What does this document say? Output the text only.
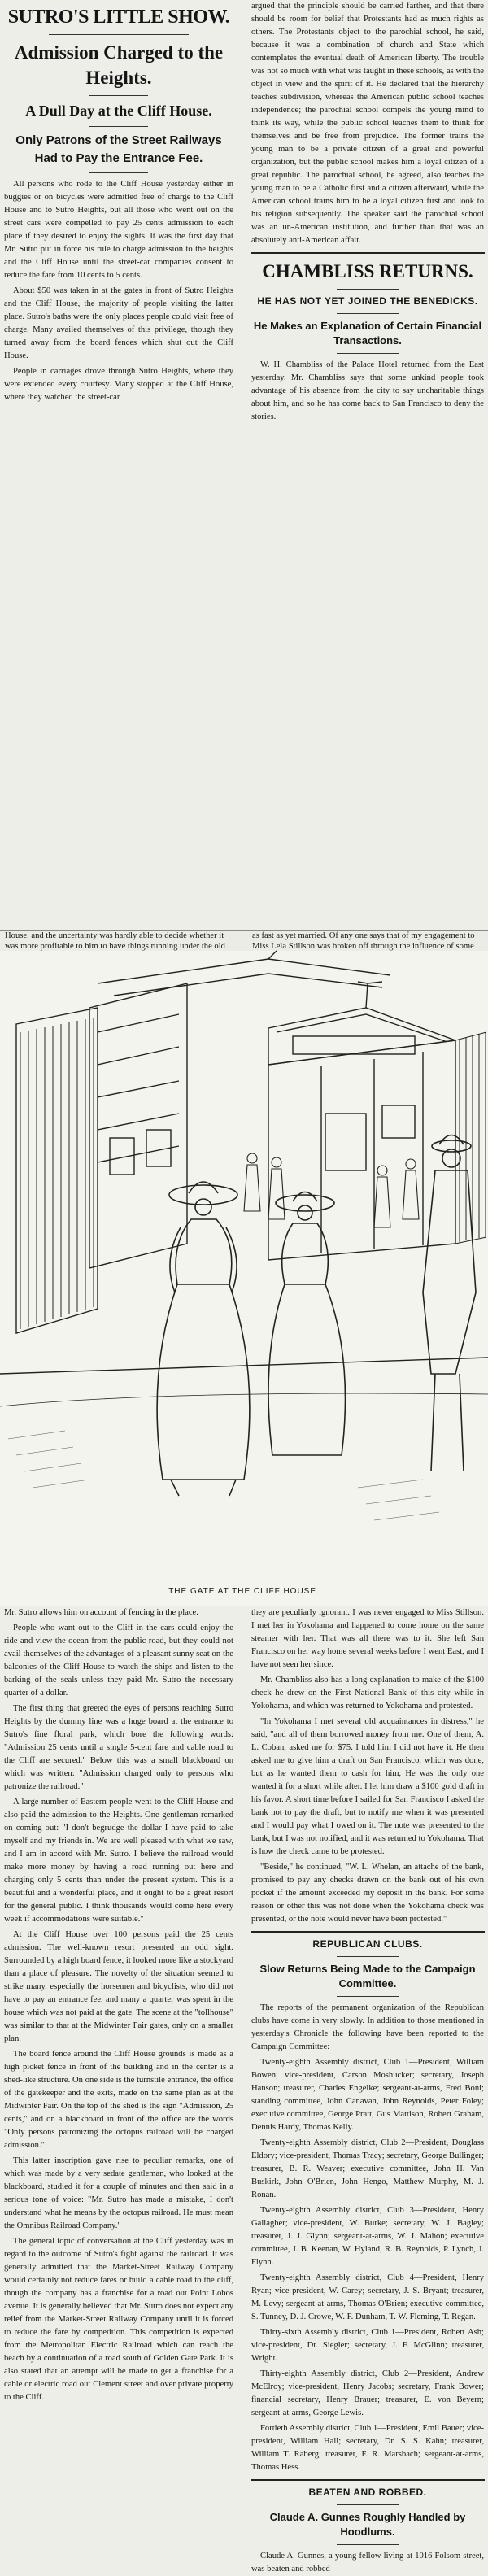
SUTRO'S LITTLE SHOW.
Admission Charged to the Heights.
A Dull Day at the Cliff House.
Only Patrons of the Street Railways Had to Pay the Entrance Fee.

All persons who rode to the Cliff House yesterday either in buggies or on bicycles were admitted free of charge to the Cliff House and to Sutro Heights, but all those who went out on the street cars were compelled to pay 25 cents admission to each place if they desired to enjoy the sights. It was the first day that Mr. Sutro put in force his rule to charge admission to the heights and the Cliff House until the street-car companies consent to reduce the fare from 10 cents to 5 cents.

About $50 was taken in at the gates in front of Sutro Heights and the Cliff House, the majority of people visiting the latter place. Sutro's baths were the only places people could visit free of charge. Many availed themselves of this privilege, though they turned away from the board fences which shut out the Cliff House.

People in carriages drove through Sutro Heights, where they were extended every courtesy. Many stopped at the Cliff House, where they watched the street-car

argued that the principle should be carried farther, and that there should be room for belief that Protestants had as much rights as others. The Protestants object to the parochial school, he said, because it was a combination of church and State which contemplates the eventual death of American liberty. The trouble was not so much with what was taught in these schools, as with the object in view and the spirit of it. He declared that the hierarchy teaches subdivision, whereas the American public school teaches independence; the parochial school compels the young mind to think its way, while the public school teaches them to think for themselves and be free from prejudice. The former trains the young man to be a private citizen of a great and powerful organization, but the public school makes him a loyal citizen of a great republic. The parochial school, he agreed, also teaches the young man to be a Catholic first and a citizen afterward, while the American school trains him to be a loyal citizen first and look to his religion subsequently. The speaker said the parochial school was an un-American institution, and further than that was an absolutely anti-American affair.

CHAMBLISS RETURNS.
HE HAS NOT YET JOINED THE BENEDICKS.
He Makes an Explanation of Certain Financial Transactions.

W. H. Chambliss of the Palace Hotel returned from the East yesterday. Mr. Chambliss says that some unkind people took advantage of his absence from the city to say uncharitable things about him, and so he has come back to San Francisco to deny the stories.

House, and the uncertainty was hardly able to decide whether it was more profitable to him to have things running under the old
as fast as yet married. Of any one says that of my engagement to Miss Lela Stillson was broken off through the influence of some
THE GATE AT THE CLIFF HOUSE.

Mr. Sutro allows him on account of fencing in the place.

People who want out to the Cliff in the cars could enjoy the ride and view the ocean from the public road, but they could not avail themselves of the advantages of a pleasant sunny seat on the balconies of the Cliff House to watch the ships and listen to the barking of the seals unless they paid Mr. Sutro the necessary quarter of a dollar.

The first thing that greeted the eyes of persons reaching Sutro Heights by the dummy line was a huge board at the entrance to Sutro's fine floral park, which bore the following words: "Admission 25 cents until a single 5-cent fare and cable road to the Cliff are secured." Below this was a small blackboard on which was written: "Admission charged only to persons who patronize the railroad."

A large number of Eastern people went to the Cliff House and also paid the admission to the Heights. One gentleman remarked on coming out: "I don't begrudge the dollar I have paid to take myself and my friends in. We are well pleased with what we saw, and I am in accord with Mr. Sutro. I believe the railroad would make more money by having a road running out here and charging only 5 cents than under the present system. This is a beautiful and a wonderful place, and it ought to be a great resort for the general public. I think thousands would come here every week if accommodations were suitable."

At the Cliff House over 100 persons paid the 25 cents admission. The well-known resort presented an odd sight. Surrounded by a high board fence, it looked more like a stockyard than a place of pleasure. The novelty of the situation seemed to strike many, especially the horsemen and bicyclists, who did not have to pay an entrance fee, and many a quarter was spent in the house which was not paid at the gate. The scene at the "tollhouse" was similar to that at the Midwinter Fair gates, only on a smaller plan.

The board fence around the Cliff House grounds is made as a high picket fence in front of the building and in the center is a shed-like structure. On one side is the turnstile entrance, the office of the gatekeeper and the exits, made on the same plan as at the Midwinter Fair. On the top of the shed is the sign "Admission, 25 cents," and on a blackboard in front of the office are the words "Only persons patronizing the octopus railroad will be charged admission."

This latter inscription gave rise to peculiar remarks, one of which was made by a very sedate gentleman, who looked at the blackboard, studied it for a couple of minutes and then said in a serious tone of voice: "Mr. Sutro has made a mistake, I don't understand what he means by the octopus railroad. He must mean the Omnibus Railroad Company."

The general topic of conversation at the Cliff yesterday was in regard to the outcome of Sutro's fight against the railroad. It was generally admitted that the Market-Street Railway Company would certainly not reduce fares or build a cable road to the cliff, though the company has a franchise for a road out Point Lobos avenue. It is generally believed that Mr. Sutro does not expect any relief from the Market-Street Railway Company until it is forced to reduce the fare by competition. This competition is expected from the Metropolitan Electric Railroad which can reach the beach by a continuation of a road south of Golden Gate Park. It is also stated that an attempt will be made to get a franchise for a cable or electric road out Clement street and over private property to the Cliff.

they are peculiarly ignorant. I was never engaged to Miss Stillson. I met her in Yokohama and happened to come home on the same steamer with her. That was all there was to it. She left San Francisco on her way home several weeks before I went East, and I have not seen her since.

Mr. Chambliss also has a long explanation to make of the $100 check he drew on the First National Bank of this city while in Yokohama, and which was returned to Yokohama and protested.

"In Yokohama I met several old acquaintances in distress," he said, "and all of them borrowed money from me. One of them, A. L. Coban, asked me for $75. I told him I did not have it. He then asked me to give him a draft on San Francisco, which was done, but as he wanted them to cash for him, He was the only one wanted it for a short while after. I let him draw a $100 gold draft in his favor. A short time before I sailed for San Francisco I asked the bank not to pay the draft, but to notify me when it was presented and I would pay what I owed on it. The note was presented to the bank, but I was not notified, and it was returned to Yokohama. That is how the check came to be protested.

"Beside," he continued, "W. L. Whelan, an attache of the bank, promised to pay any checks drawn on the bank out of his own pocket if the amount exceeded my deposit in the bank. For some reason or other this was not done when the Yokohama check was presented, or the note would never have been protested."

REPUBLICAN CLUBS.
Slow Returns Being Made to the Campaign Committee.

The reports of the permanent organization of the Republican clubs have come in very slowly. In addition to those mentioned in yesterday's Chronicle the following have been reported to the Campaign Committee:

Twenty-eighth Assembly district, Club 1—President, William Bowen; vice-president, Carson Moshucker; secretary, Joseph Hanson; treasurer, Charles Engelke; sergeant-at-arms, Fred Boni; standing committee, John Canavan, John Reynolds, Peter Foley; executive committee, George Pratt, Gus Mattison, Robert Graham, Dennis Hardy, Thomas Kelly.

Twenty-eighth Assembly district, Club 2—President, Douglass Eldory; vice-president, Thomas Tracy; secretary, George Bullinger; treasurer, B. R. Weaver; executive committee, John H. Van Buskirk, John O'Brien, John Hengo, Matthew Murphy, M. J. Ronan.

Twenty-eighth Assembly district, Club 3—President, Henry Gallagher; vice-president, W. Burke; secretary, W. J. Bagley; treasurer, J. J. Glynn; sergeant-at-arms, W. J. Mahon; executive committee, J. B. Keenan, W. Hyland, R. B. Reynolds, P. Lynch, J. Flynn.

Twenty-eighth Assembly district, Club 4—President, Henry Ryan; vice-president, W. Carey; secretary, J. S. Bryant; treasurer, M. Levy; sergeant-at-arms, Thomas O'Brien; executive committee, S. Tunney, D. J. Crowe, W. F. Dunham, T. W. Fleming, T. Regan.

Thirty-sixth Assembly district, Club 1—President, Robert Ash; vice-president, Dr. Siegler; secretary, J. F. McGlinn; treasurer, Wright.

Thirty-eighth Assembly district, Club 2—President, Andrew McElroy; vice-president, Henry Jacobs; secretary, Frank Bower; financial secretary, Henry Brauer; treasurer, E. von Beyern; sergeant-at-arms, George Lewis.

Fortieth Assembly district, Club 1—President, Emil Bauer; vice-president, William Hall; secretary, Dr. S. S. Kahn; treasurer, William T. Raberg; treasurer, F. R. Marsbach; sergeant-at-arms, Thomas Hess.

BEATEN AND ROBBED.
Claude A. Gunnes Roughly Handled by Hoodlums.

Claude A. Gunnes, a young fellow living at 1016 Folsom street, was beaten and robbed
